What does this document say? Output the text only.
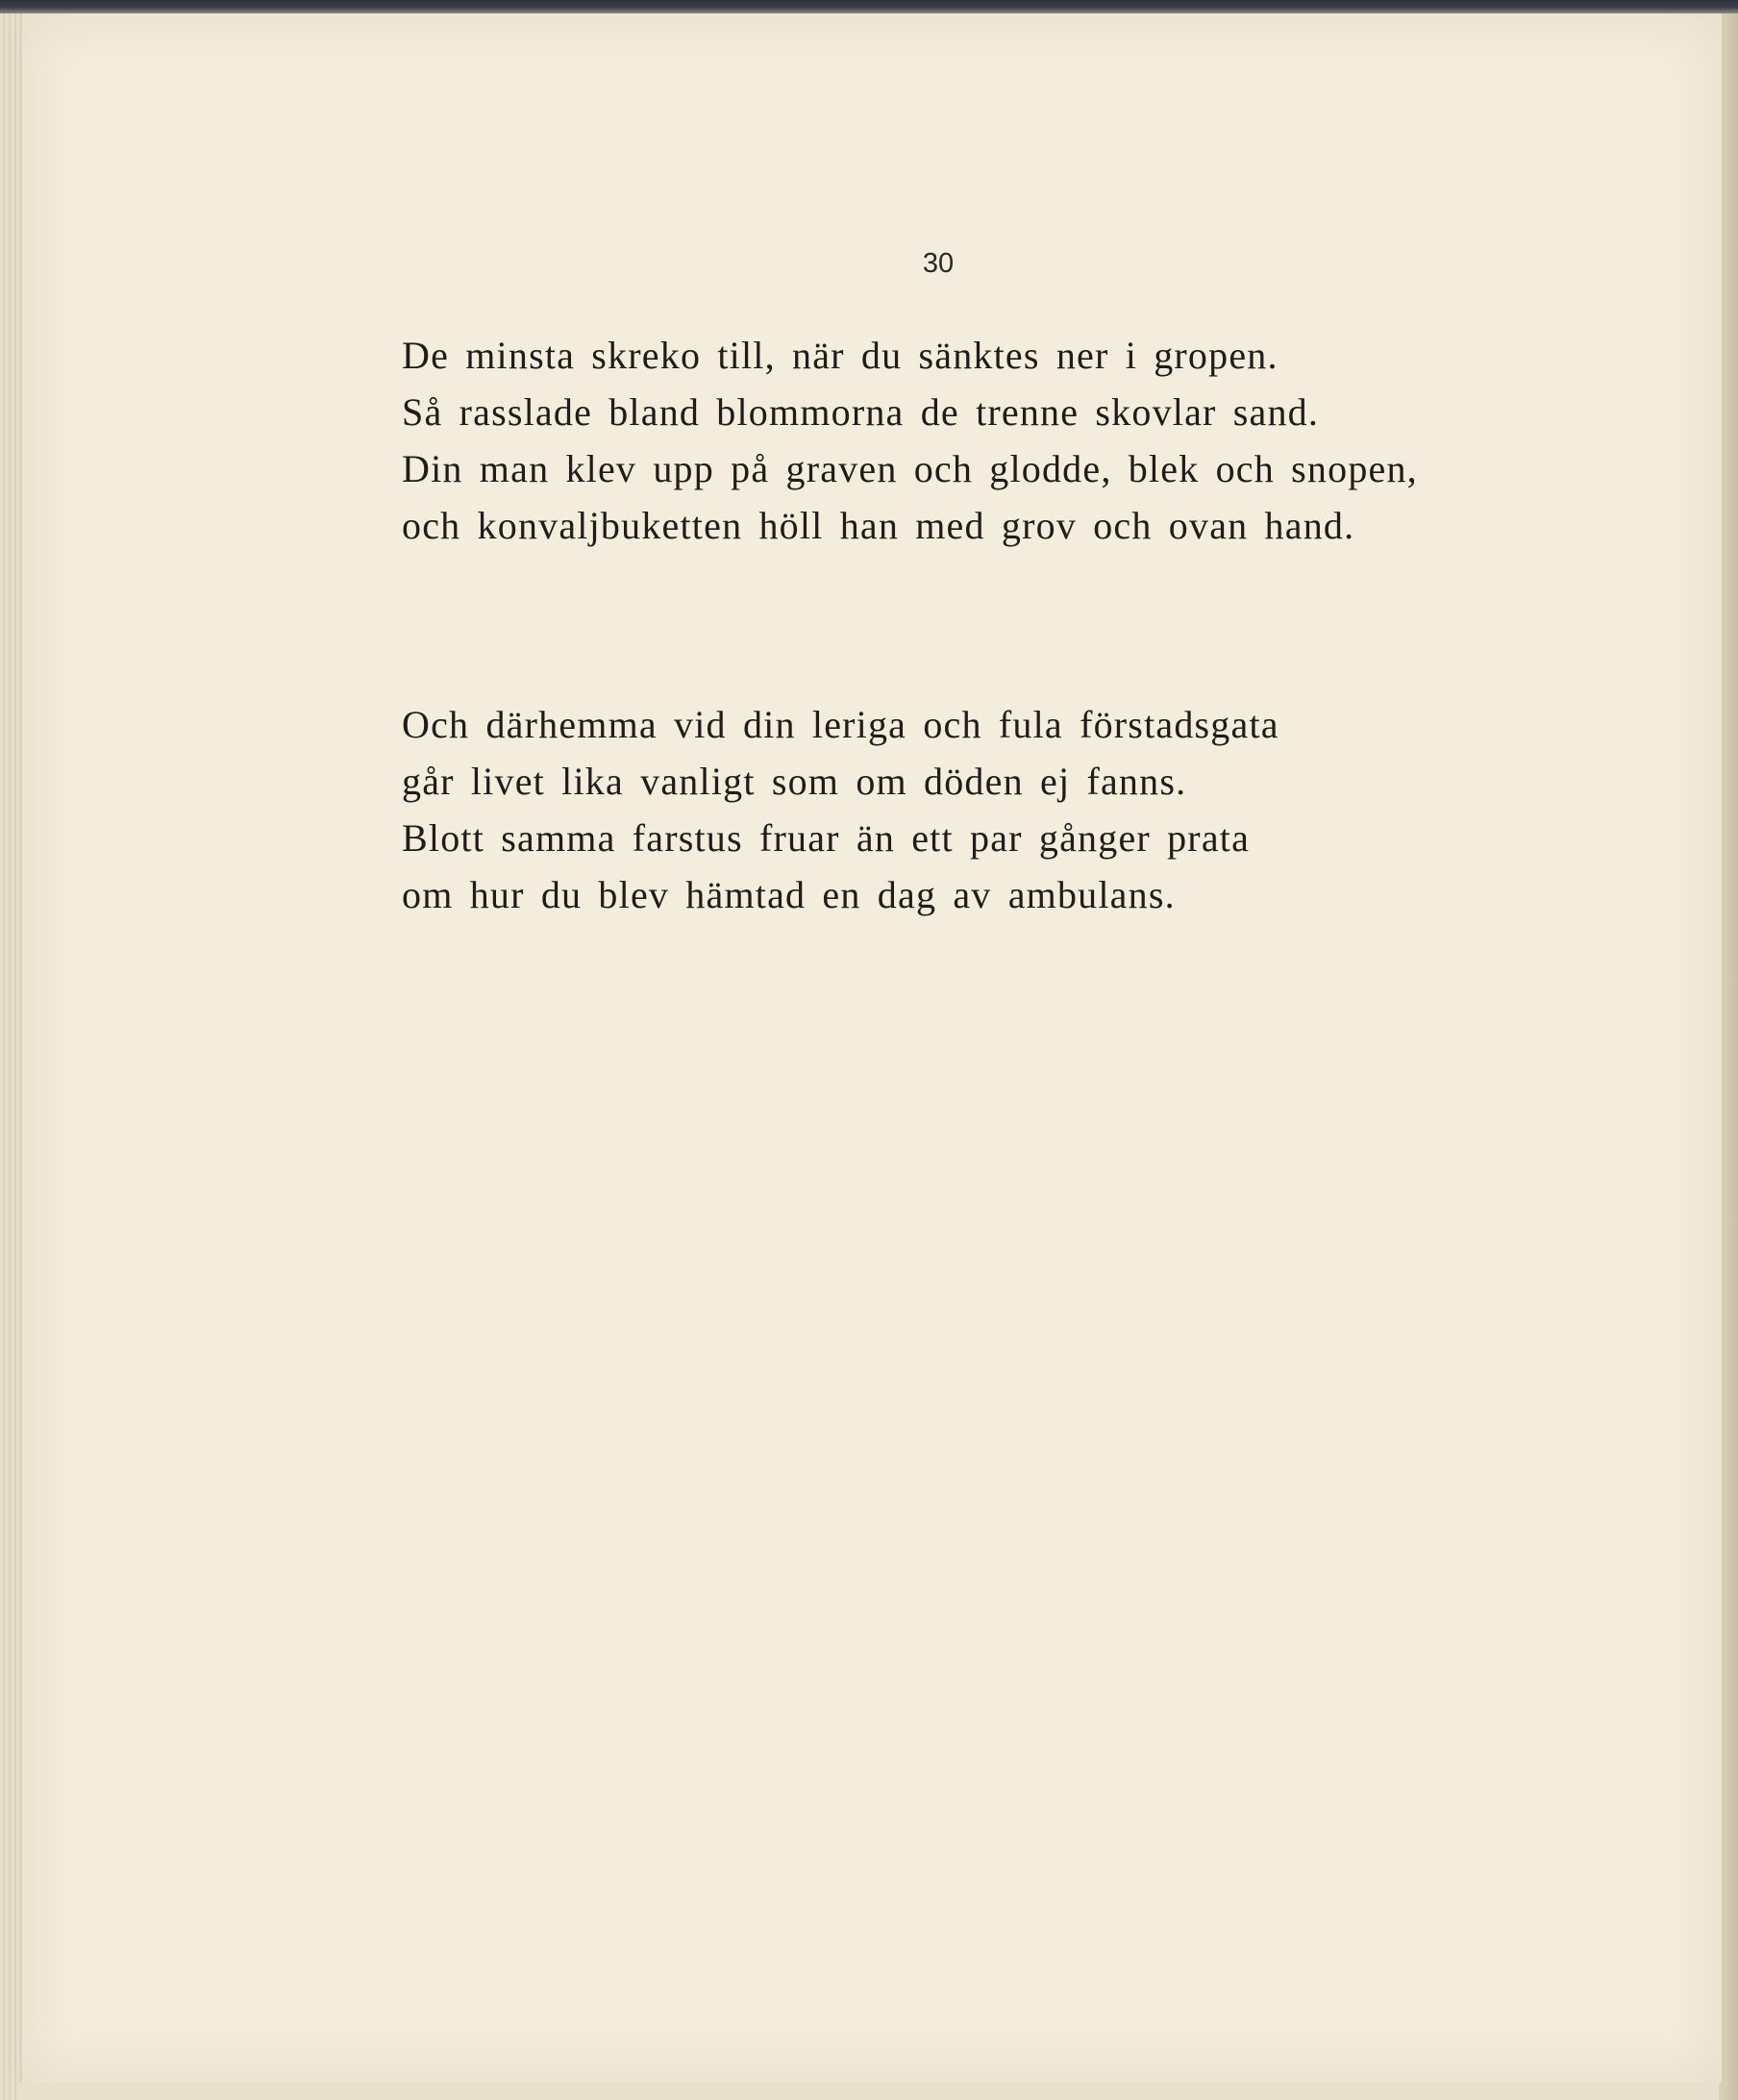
30
De minsta skreko till, när du sänktes ner i gropen.
Så rasslade bland blommorna de trenne skovlar sand.
Din man klev upp på graven och glodde, blek och snopen,
och konvaljbuketten höll han med grov och ovan hand.
Och därhemma vid din leriga och fula förstadsgata
går livet lika vanligt som om döden ej fanns.
Blott samma farstus fruar än ett par gånger prata
om hur du blev hämtad en dag av ambulans.
